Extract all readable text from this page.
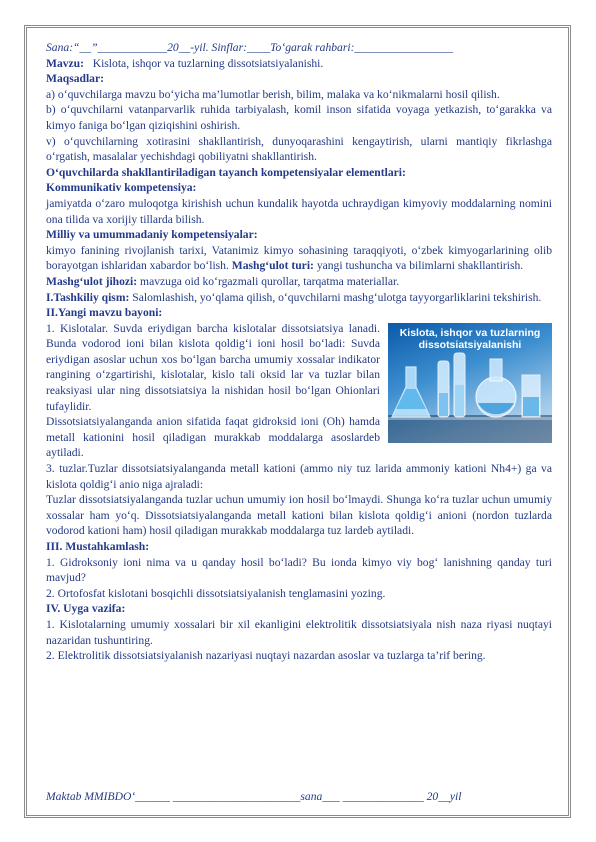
Sana:“__”____________20__-yil. Sinflar:____To‘garak rahbari:_________________

Mavzu: Kislota, ishqor va tuzlarning dissotsiatsiyalanishi.

Maqsadlar:

a) o‘quvchilarga mavzu bo‘yicha ma’lumotlar berish, bilim, malaka va ko‘nikmalarni hosil qilish.

b) o‘quvchilarni vatanparvarlik ruhida tarbiyalash, komil inson sifatida voyaga yetkazish, to‘garakka va kimyo faniga bo‘lgan qiziqishini oshirish.

v) o‘quvchilarning xotirasini shakllantirish, dunyoqarashini kengaytirish, ularni mantiqiy fikrlashga o‘rgatish, masalalar yechishdagi qobiliyatni shakllantirish.

O‘quvchilarda shakllantiriladigan tayanch kompetensiyalar elementlari:

Kommunikativ kompetensiya:

jamiyatda o‘zaro muloqotga kirishish uchun kundalik hayotda uchraydigan kimyoviy moddalarning nomini ona tilida va xorijiy tillarda bilish.

Milliy va umummadaniy kompetensiyalar:

kimyo fanining rivojlanish tarixi, Vatanimiz kimyo sohasining taraqqiyoti, o‘zbek kimyogarlarining olib borayotgan ishlaridan xabardor bo‘lish. Mashg‘ulot turi: yangi tushuncha va bilimlarni shakllantirish.

Mashg‘ulot jihozi: mavzuga oid ko‘rgazmali qurollar, tarqatma materiallar.

I.Tashkiliy qism: Salomlashish, yo‘qlama qilish, o‘quvchilarni mashg‘ulotga tayyorgarliklarini tekshirish.

II.Yangi mavzu bayoni:

Kislota, ishqor va tuzlarning dissotsiatsiyalanishi

1. Kislotalar. Suvda eriydigan barcha kislotalar dissotsiatsiya lanadi. Bunda vodorod ioni bilan kislota qoldig‘i ioni hosil bo‘ladi: Suvda eriydigan asoslar uchun xos bo‘lgan barcha umumiy xossalar indikator rangining o‘zgartirishi, kislotalar, kislo tali oksid lar va tuzlar bilan reaksiyasi ular ning dissotsiatsiya la nishidan hosil bo‘lgan Ohionlari tufaylidir.

Dissotsiatsiyalanganda anion sifatida faqat gidroksid ioni (Oh) hamda metall kationini hosil qiladigan murakkab moddalarga asoslardeb aytiladi.

3. tuzlar.Tuzlar dissotsiatsiyalanganda metall kationi (ammo niy tuz larida ammoniy kationi Nh4+) ga va kislota qoldig‘i anio niga ajraladi:

Tuzlar dissotsiatsiyalanganda tuzlar uchun umumiy ion hosil bo‘lmaydi. Shunga ko‘ra tuzlar uchun umumiy xossalar ham yo‘q. Dissotsiatsiyalanganda metall kationi bilan kislota qoldig‘i anioni (nordon tuzlarda vodorod kationi ham) hosil qiladigan murakkab moddalarga tuz lardeb aytiladi.

III. Mustahkamlash:

1. Gidroksoniy ioni nima va u qanday hosil bo‘ladi? Bu ionda kimyo viy bog‘ lanishning qanday turi mavjud?

2. Ortofosfat kislotani bosqichli dissotsiatsiyalanish tenglamasini yozing.

IV. Uyga vazifa:

1. Kislotalarning umumiy xossalari bir xil ekanligini elektrolitik dissotsiatsiyala nish naza riyasi nuqtayi nazaridan tushuntiring.

2. Elektrolitik dissotsiatsiyalanish nazariyasi nuqtayi nazardan asoslar va tuzlarga ta’rif bering.

Maktab MMIBDO‘______ ______________________sana___ ______________ 20__yil
